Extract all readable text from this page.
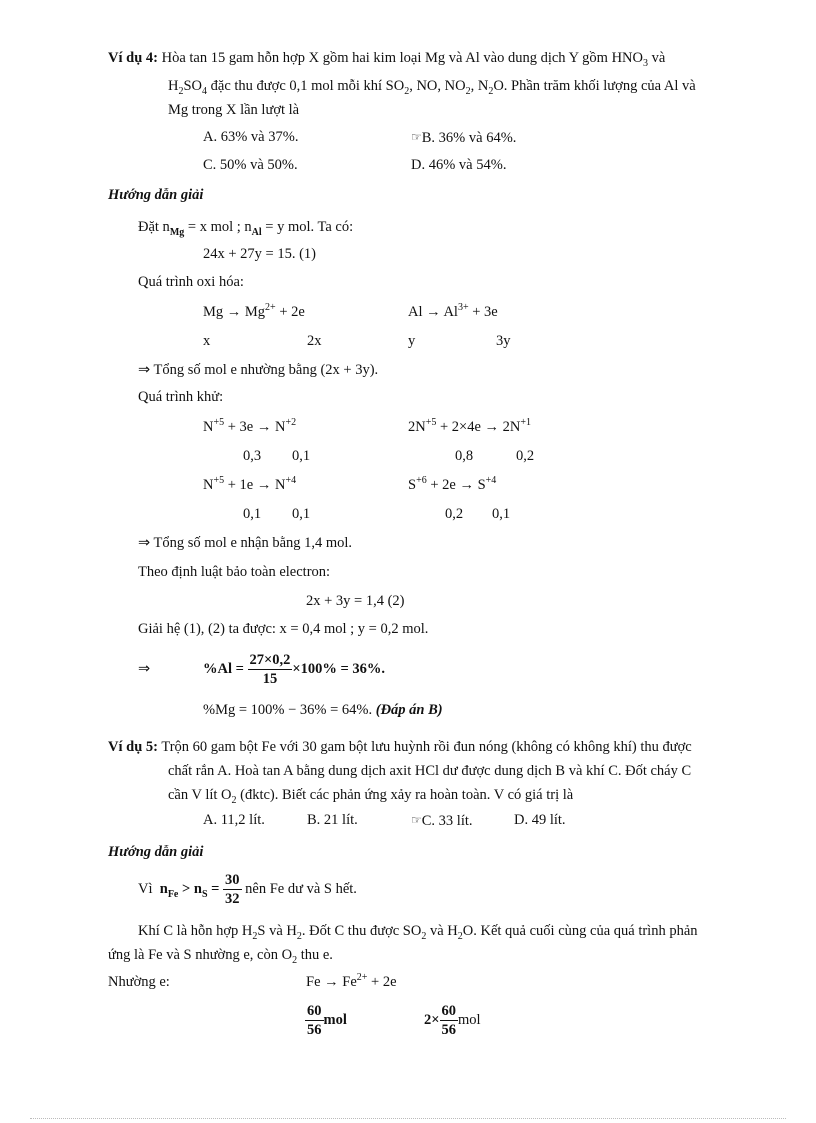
Ví dụ 4: Hòa tan 15 gam hỗn hợp X gồm hai kim loại Mg và Al vào dung dịch Y gồm $HNO_3$ và
$H_2SO_4$ đặc thu được 0,1 mol mỗi khí $SO_2$, NO, $NO_2$, $N_2O$. Phần trăm khối lượng của Al và
Mg trong X lần lượt là
A. 63% và 37%.	☞B. 36% và 64%.
C. 50% và 50%.	D. 46% và 54%.
Hướng dẫn giải
Đặt $n_{Mg} = x$ mol ; $n_{Al} = y$ mol. Ta có:
24x + 27y = 15. (1)
Quá trình oxi hóa:
$Mg \to Mg^{2+} + 2e$	$Al \to Al^{3+} + 3e$
x	2x	y	3y
⇒ Tổng số mol e nhường bằng (2x + 3y).
Quá trình khử:
$N^{+5} + 3e \to N^{+2}$	$2N^{+5} + 2\times 4e \to 2N^{+1}$
0,3 0,1	0,8	0,2
$N^{+5} + 1e \to N^{+4}$	$S^{+6} + 2e \to S^{+4}$
0,1 0,1	0,2 0,1
⇒ Tổng số mol e nhận bằng 1,4 mol.
Theo định luật bảo toàn electron:
2x + 3y = 1,4 (2)
Giải hệ (1), (2) ta được: x = 0,4 mol ; y = 0,2 mol.
⇒	$\%Al = \frac{27\times 0,2}{15} \times 100\% = 36\%$.
%Mg = 100% − 36% = 64%. (Đáp án B)
Ví dụ 5: Trộn 60 gam bột Fe với 30 gam bột lưu huỳnh rồi đun nóng (không có không khí) thu được
chất rắn A. Hoà tan A bằng dung dịch axit HCl dư được dung dịch B và khí C. Đốt cháy C
cần V lít $O_2$ (đktc). Biết các phản ứng xảy ra hoàn toàn. V có giá trị là
A. 11,2 lít.	B. 21 lít.	☞C. 33 lít.	D. 49 lít.
Hướng dẫn giải
Vì $n_{Fe} > n_S = \frac{30}{32}$ nên Fe dư và S hết.
Khí C là hỗn hợp $H_2S$ và $H_2$. Đốt C thu được $SO_2$ và $H_2O$. Kết quả cuối cùng của quá trình phản
ứng là Fe và S nhường e, còn $O_2$ thu e.
Nhường e:	$Fe \to Fe^{2+} + 2e$
$\frac{60}{56}$ mol	$2\times \frac{60}{56}$ mol
